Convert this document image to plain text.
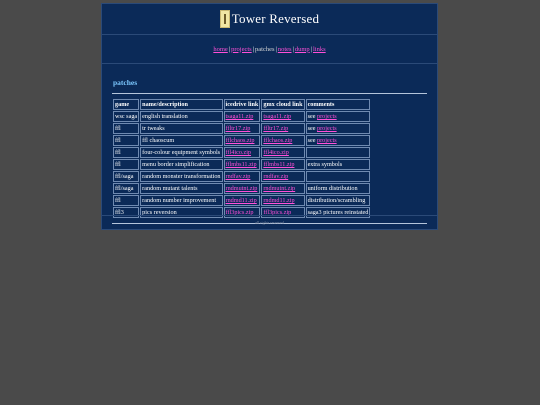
Tower Reversed
home | projects | patches | notes | dump | links
patches
game	name/description	icedrive link	gmx cloud link	comments
wsc saga	english translation	tsaga11.zip	tsaga11.zip	see projects
ffl	tr tweaks	ffltr17.zip	ffltr17.zip	see projects
ffl	ffl chaoscum	fflchaos.zip	fflchaos.zip	see projects
ffl	four-colour equipment symbols	ffl4ico.zip	ffl4ico.zip	
ffl	menu border simplification	fflmbs11.zip	fflmbs11.zip	extra symbols
ffl/saga	random monster transformation	rndfav.zip	rndfav.zip	
ffl/saga	random mutant talents	rndmutnt.zip	rndmutnt.zip	uniform distribution
ffl	random number improvement	rndmd11.zip	rndmd11.zip	distribution/scrambling
ffl3	pics reversion	ffl3pics.zip	ffl3pics.zip	saga3 pictures reinstated
all rights reserved
